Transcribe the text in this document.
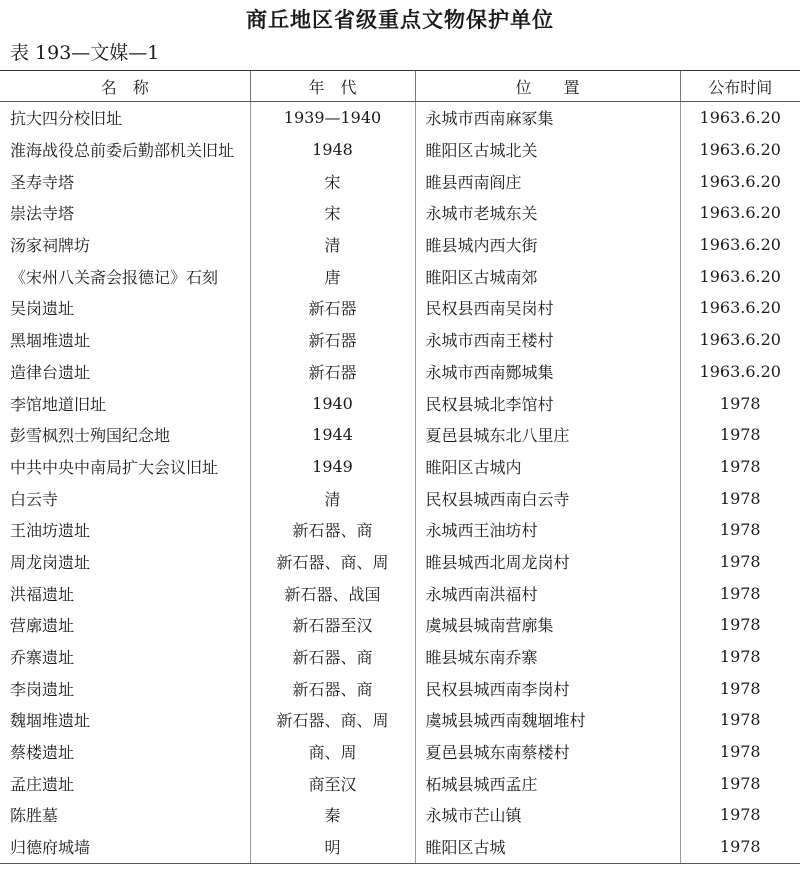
商丘地区省级重点文物保护单位
表 193—文媒—1
名　称	年　代	位　　置	公布时间
抗大四分校旧址	1939—1940	永城市西南麻冢集	1963.6.20
淮海战役总前委后勤部机关旧址	1948	睢阳区古城北关	1963.6.20
圣寿寺塔	宋	睢县西南阎庄	1963.6.20
崇法寺塔	宋	永城市老城东关	1963.6.20
汤家祠牌坊	清	睢县城内西大街	1963.6.20
《宋州八关斋会报德记》石刻	唐	睢阳区古城南郊	1963.6.20
吴岗遗址	新石器	民权县西南吴岗村	1963.6.20
黑堌堆遗址	新石器	永城市西南王楼村	1963.6.20
造律台遗址	新石器	永城市西南酂城集	1963.6.20
李馆地道旧址	1940	民权县城北李馆村	1978
彭雪枫烈士殉国纪念地	1944	夏邑县城东北八里庄	1978
中共中央中南局扩大会议旧址	1949	睢阳区古城内	1978
白云寺	清	民权县城西南白云寺	1978
王油坊遗址	新石器、商	永城西王油坊村	1978
周龙岗遗址	新石器、商、周	睢县城西北周龙岗村	1978
洪福遗址	新石器、战国	永城西南洪福村	1978
营廓遗址	新石器至汉	虞城县城南营廓集	1978
乔寨遗址	新石器、商	睢县城东南乔寨	1978
李岗遗址	新石器、商	民权县城西南李岗村	1978
魏堌堆遗址	新石器、商、周	虞城县城西南魏堌堆村	1978
蔡楼遗址	商、周	夏邑县城东南蔡楼村	1978
孟庄遗址	商至汉	柘城县城西孟庄	1978
陈胜墓	秦	永城市芒山镇	1978
归德府城墙	明	睢阳区古城	1978
